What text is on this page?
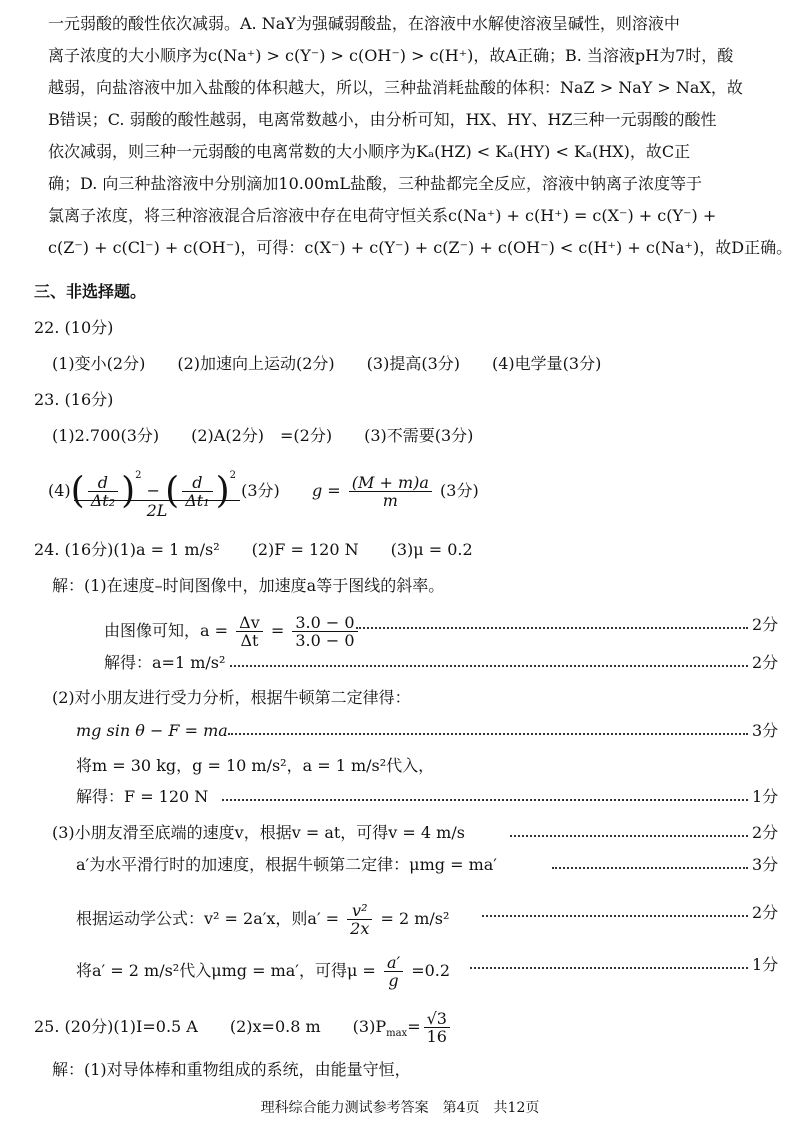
一元弱酸的酸性依次减弱。A. NaY为强碱弱酸盐，在溶液中水解使溶液呈碱性，则溶液中
离子浓度的大小顺序为c(Na⁺) > c(Y⁻) > c(OH⁻) > c(H⁺)，故A正确；B. 当溶液pH为7时，酸
越弱，向盐溶液中加入盐酸的体积越大，所以，三种盐消耗盐酸的体积：NaZ > NaY > NaX，故
B错误；C. 弱酸的酸性越弱，电离常数越小，由分析可知，HX、HY、HZ三种一元弱酸的酸性
依次减弱，则三种一元弱酸的电离常数的大小顺序为Kₐ(HZ) < Kₐ(HY) < Kₐ(HX)，故C正
确；D. 向三种盐溶液中分别滴加10.00mL盐酸，三种盐都完全反应，溶液中钠离子浓度等于
氯离子浓度，将三种溶液混合后溶液中存在电荷守恒关系c(Na⁺) + c(H⁺) = c(X⁻) + c(Y⁻) +
c(Z⁻) + c(Cl⁻) + c(OH⁻)，可得：c(X⁻) + c(Y⁻) + c(Z⁻) + c(OH⁻) < c(H⁺) + c(Na⁺)，故D正确。
三、非选择题。
22. (10分)
(1)变小(2分)　　(2)加速向上运动(2分)　　(3)提高(3分)　　(4)电学量(3分)
23. (16分)
(1)2.700(3分)　　(2)A(2分)　=(2分)　　(3)不需要(3分)
$(4)( \frac{d}{\text{Δt₂}} )^2$ − ( $\frac{d}{\text{Δt₁}} )^2$ (3分) $g = \frac{(M + m)a}{m} (3$分)
2L
24. (16分)(1)a = 1 m/s²　　(2)F = 120 N　　(3)μ = 0.2
解：(1)在速度–时间图像中，加速度a等于图线的斜率。
由图像可知，$a = \frac{\Delta v}{\Delta t} = \frac{3.0 - 0}{3.0 - 0}$	2分
解得：a=1 m/s²	2分
(2)对小朋友进行受力分析，根据牛顿第二定律得：
mg sin θ − F = ma	3分
将m = 30 kg，g = 10 m/s²，a = 1 m/s²代入，
解得：F = 120 N	1分
(3)小朋友滑至底端的速度v，根据v = at，可得v = 4 m/s	2分
a′为水平滑行时的加速度，根据牛顿第二定律：μmg = ma′	3分
根据运动学公式：v² = 2a′x，则$a' = \frac{\text{v²}}{2x} = 2$ m/s²	2分
将a′ = 2 m/s²代入μmg = ma′，可得$\mu = \frac{a'}{g} =0.2$	1分
25. (20分)(1)I=0.5 A　　(2)x=0.8 m　　$(3)P_{max}= \frac{√3}{16}$
解：(1)对导体棒和重物组成的系统，由能量守恒，
理科综合能力测试参考答案　第4页　共12页
